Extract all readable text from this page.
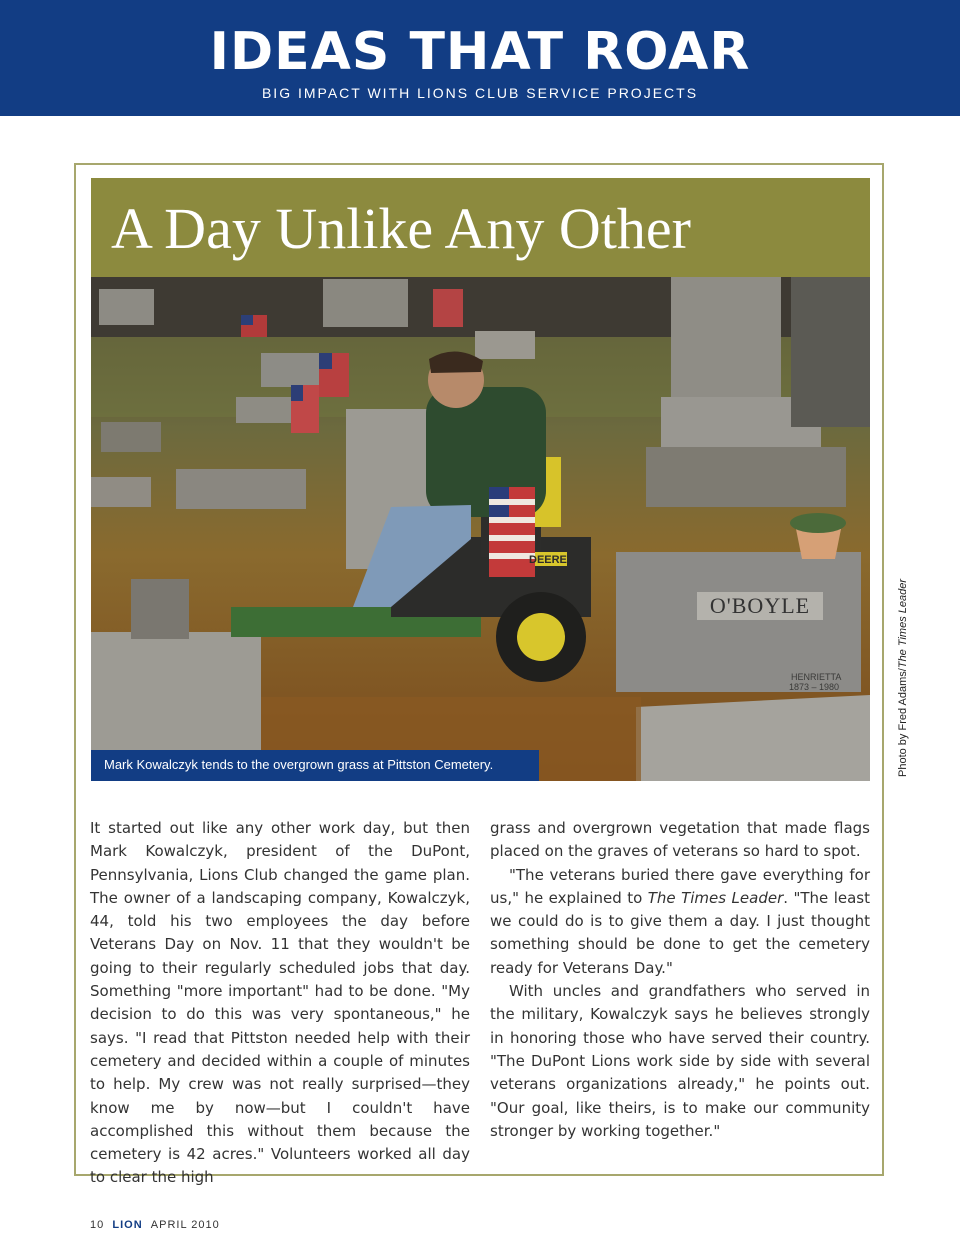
IDEAS THAT ROAR
BIG IMPACT WITH LIONS CLUB SERVICE PROJECTS
A Day Unlike Any Other
O'BOYLE
HENRIETTA
1873 – 1980
DEERE
Mark Kowalczyk tends to the overgrown grass at Pittston Cemetery.	Photo by Fred Adams/The Times Leader

It started out like any other work day, but then Mark Kowalczyk, president of the DuPont, Pennsylvania, Lions Club changed the game plan. The owner of a landscaping company, Kowalczyk, 44, told his two employees the day before Veterans Day on Nov. 11 that they wouldn't be going to their regularly scheduled jobs that day. Something "more important" had to be done. "My decision to do this was very spontaneous," he says. "I read that Pittston needed help with their cemetery and decided within a couple of minutes to help. My crew was not really surprised—they know me by now—but I couldn't have accomplished this without them because the cemetery is 42 acres." Volunteers worked all day to clear the high

grass and overgrown vegetation that made flags placed on the graves of veterans so hard to spot.

"The veterans buried there gave everything for us," he explained to The Times Leader. "The least we could do is to give them a day. I just thought something should be done to get the cemetery ready for Veterans Day."

With uncles and grandfathers who served in the military, Kowalczyk says he believes strongly in honoring those who have served their country. "The DuPont Lions work side by side with several veterans organizations already," he points out. "Our goal, like theirs, is to make our community stronger by working together."

10 LION APRIL 2010
